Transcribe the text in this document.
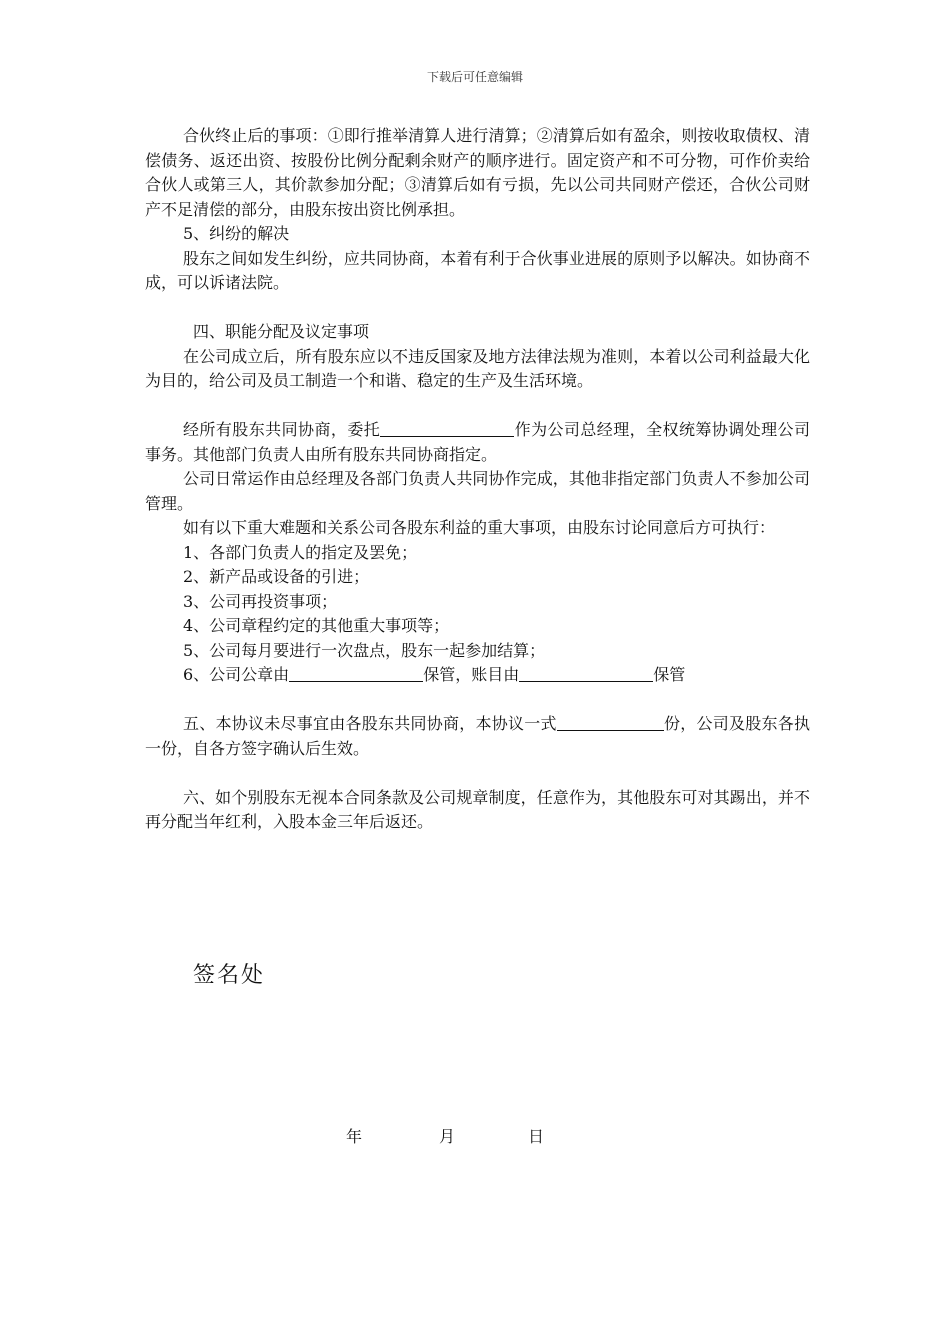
下载后可任意编辑

合伙终止后的事项：①即行推举清算人进行清算；②清算后如有盈余，则按收取债权、清偿债务、返还出资、按股份比例分配剩余财产的顺序进行。固定资产和不可分物，可作价卖给合伙人或第三人，其价款参加分配；③清算后如有亏损，先以公司共同财产偿还，合伙公司财产不足清偿的部分，由股东按出资比例承担。

5、纠纷的解决

股东之间如发生纠纷，应共同协商，本着有利于合伙事业进展的原则予以解决。如协商不成，可以诉诸法院。

四、职能分配及议定事项

在公司成立后，所有股东应以不违反国家及地方法律法规为准则，本着以公司利益最大化为目的，给公司及员工制造一个和谐、稳定的生产及生活环境。

经所有股东共同协商，委托	作为公司总经理，全权统筹协调处理公司事务。其他部门负责人由所有股东共同协商指定。

公司日常运作由总经理及各部门负责人共同协作完成，其他非指定部门负责人不参加公司管理。

如有以下重大难题和关系公司各股东利益的重大事项，由股东讨论同意后方可执行：

1、各部门负责人的指定及罢免；

2、新产品或设备的引进；

3、公司再投资事项；

4、公司章程约定的其他重大事项等；

5、公司每月要进行一次盘点，股东一起参加结算；

6、公司公章由	保管，账目由	保管

五、本协议未尽事宜由各股东共同协商，本协议一式	份，公司及股东各执一份，自各方签字确认后生效。

六、如个别股东无视本合同条款及公司规章制度，任意作为，其他股东可对其踢出，并不再分配当年红利，入股本金三年后返还。

签名处
年	月	日
